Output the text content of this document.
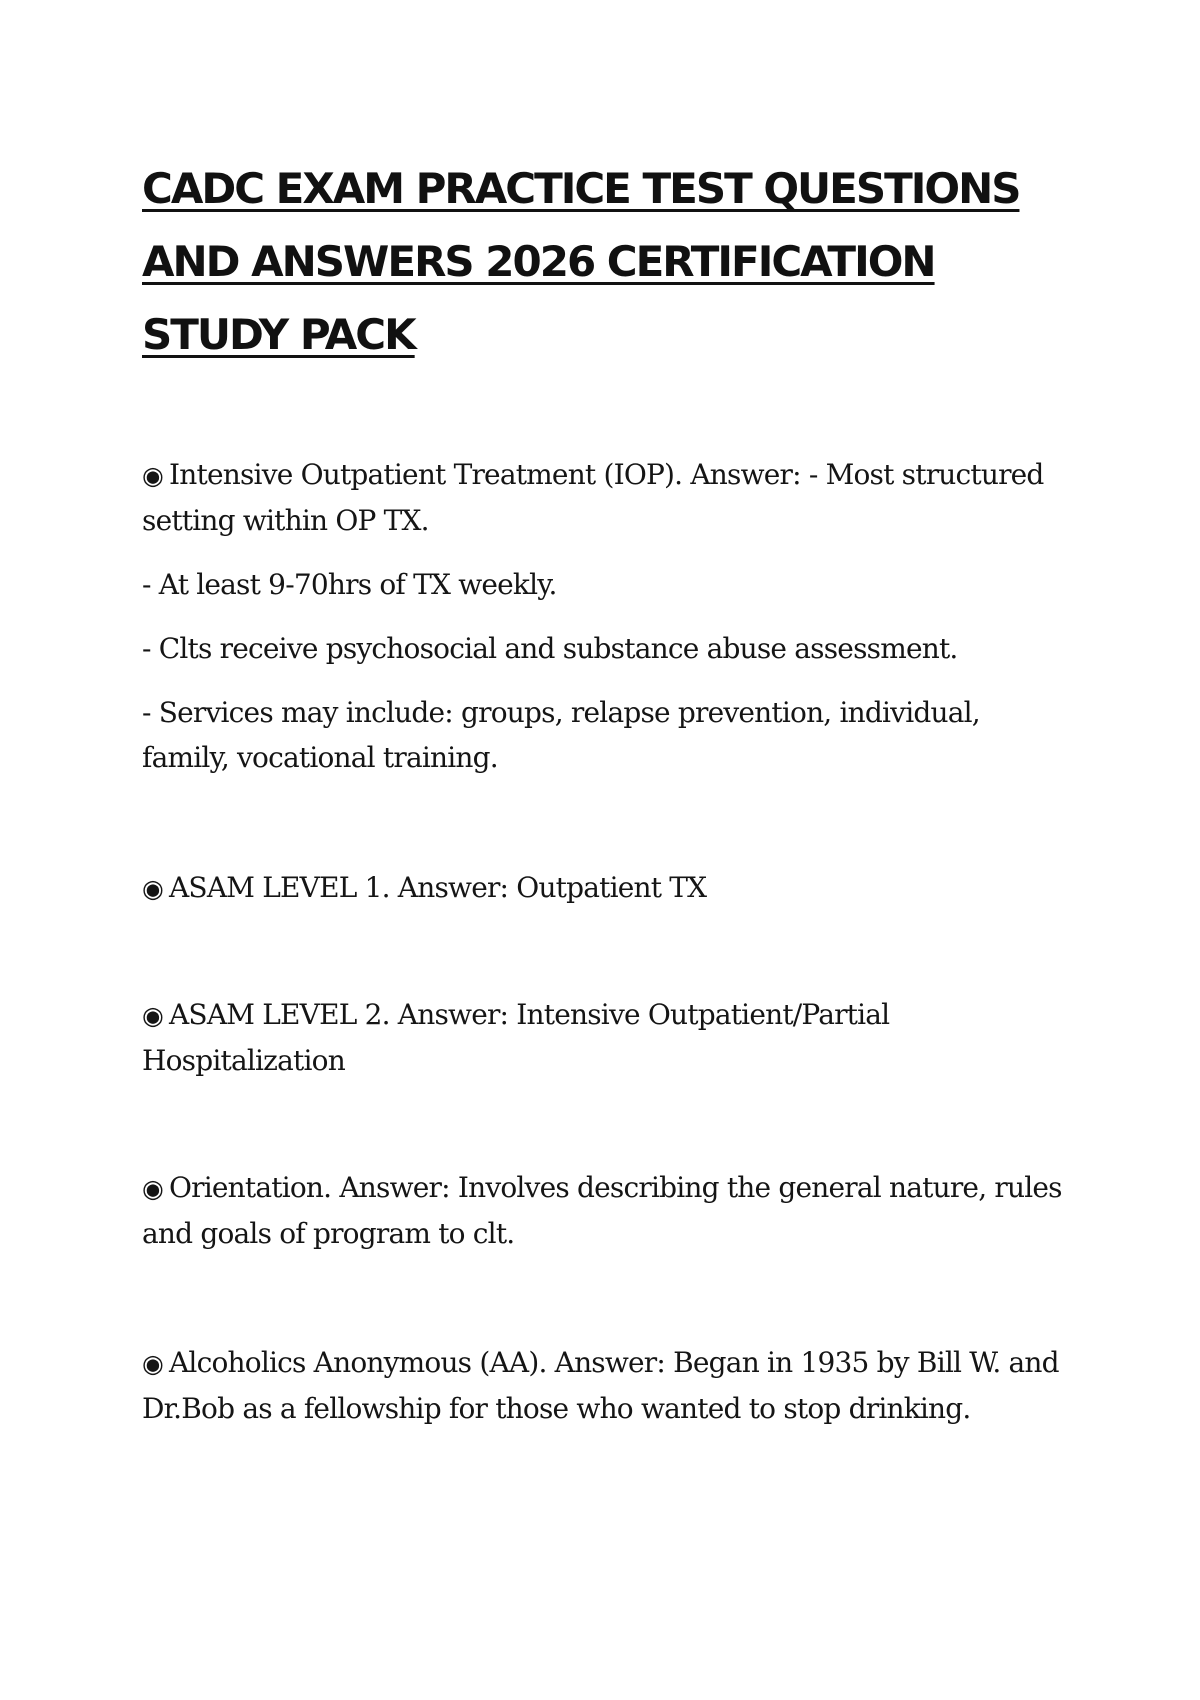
CADC EXAM PRACTICE TEST QUESTIONS AND ANSWERS 2026 CERTIFICATION STUDY PACK

◉ Intensive Outpatient Treatment (IOP). Answer: - Most structured setting within OP TX.

- At least 9-70hrs of TX weekly.

- Clts receive psychosocial and substance abuse assessment.

- Services may include: groups, relapse prevention, individual, family, vocational training.

◉ ASAM LEVEL 1. Answer: Outpatient TX

◉ ASAM LEVEL 2. Answer: Intensive Outpatient/Partial Hospitalization

◉ Orientation. Answer: Involves describing the general nature, rules and goals of program to clt.

◉ Alcoholics Anonymous (AA). Answer: Began in 1935 by Bill W. and Dr.Bob as a fellowship for those who wanted to stop drinking.
